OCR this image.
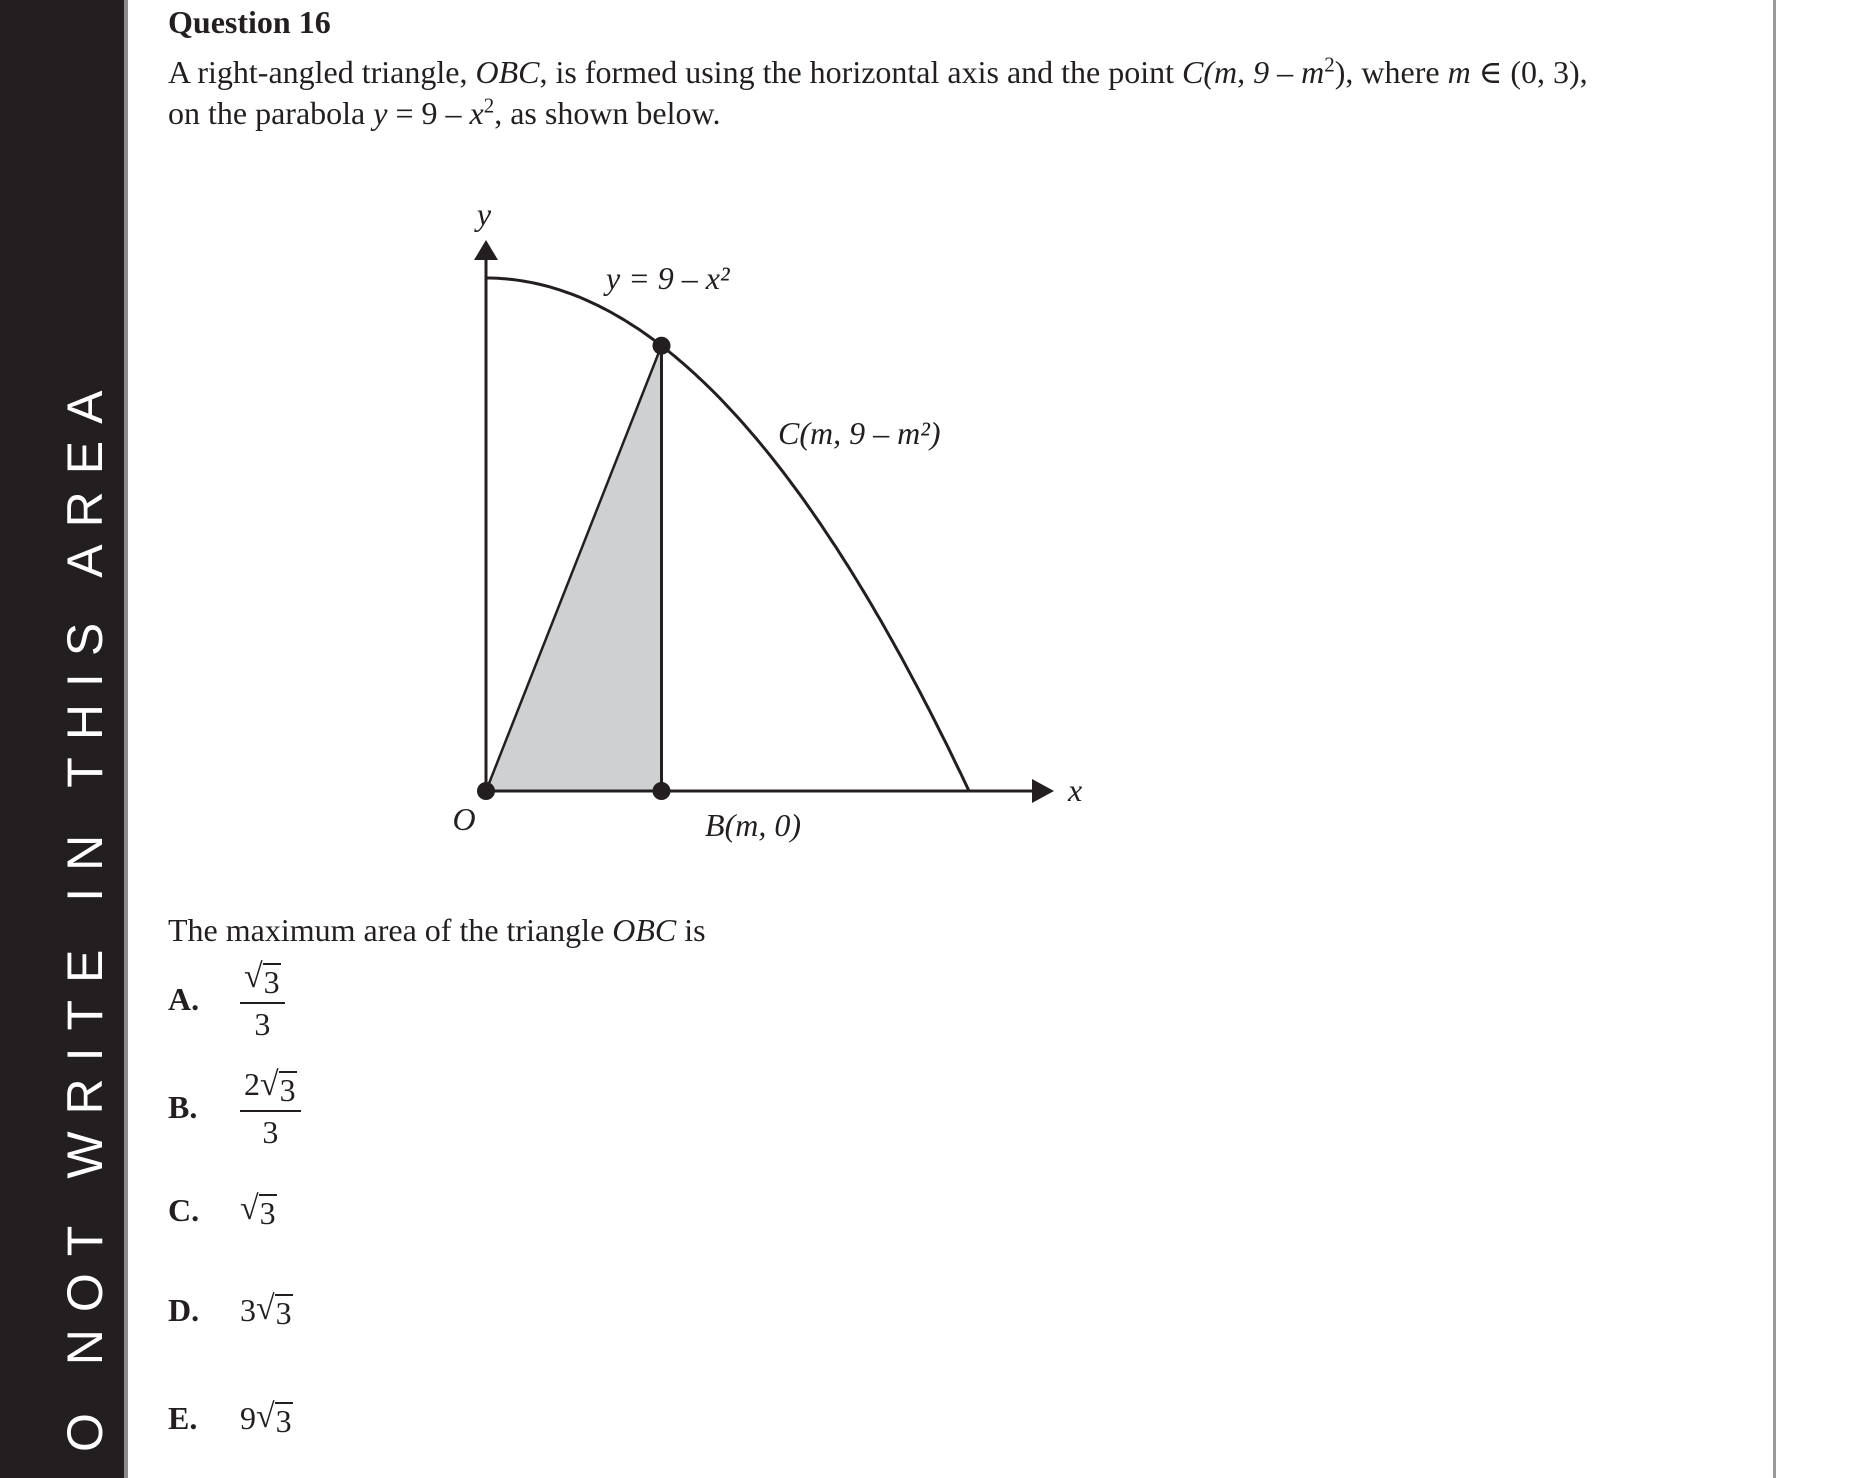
O NOT WRITE IN THIS AREA
Question 16

A right-angled triangle, OBC, is formed using the horizontal axis and the point C(m, $9 - m^2$), where m ∈ (0, 3),
on the parabola $y = 9 - x^2$, as shown below.

y
x
O
y = 9 – x²
C(m, 9 – m²)
B(m, 0)

The maximum area of the triangle OBC is

A.	$\frac{√ 3}{3}$
B.	$\frac{2 √ 3}{3}$
C.	√ 3
D.	3 √ 3
E.	9 √ 3
